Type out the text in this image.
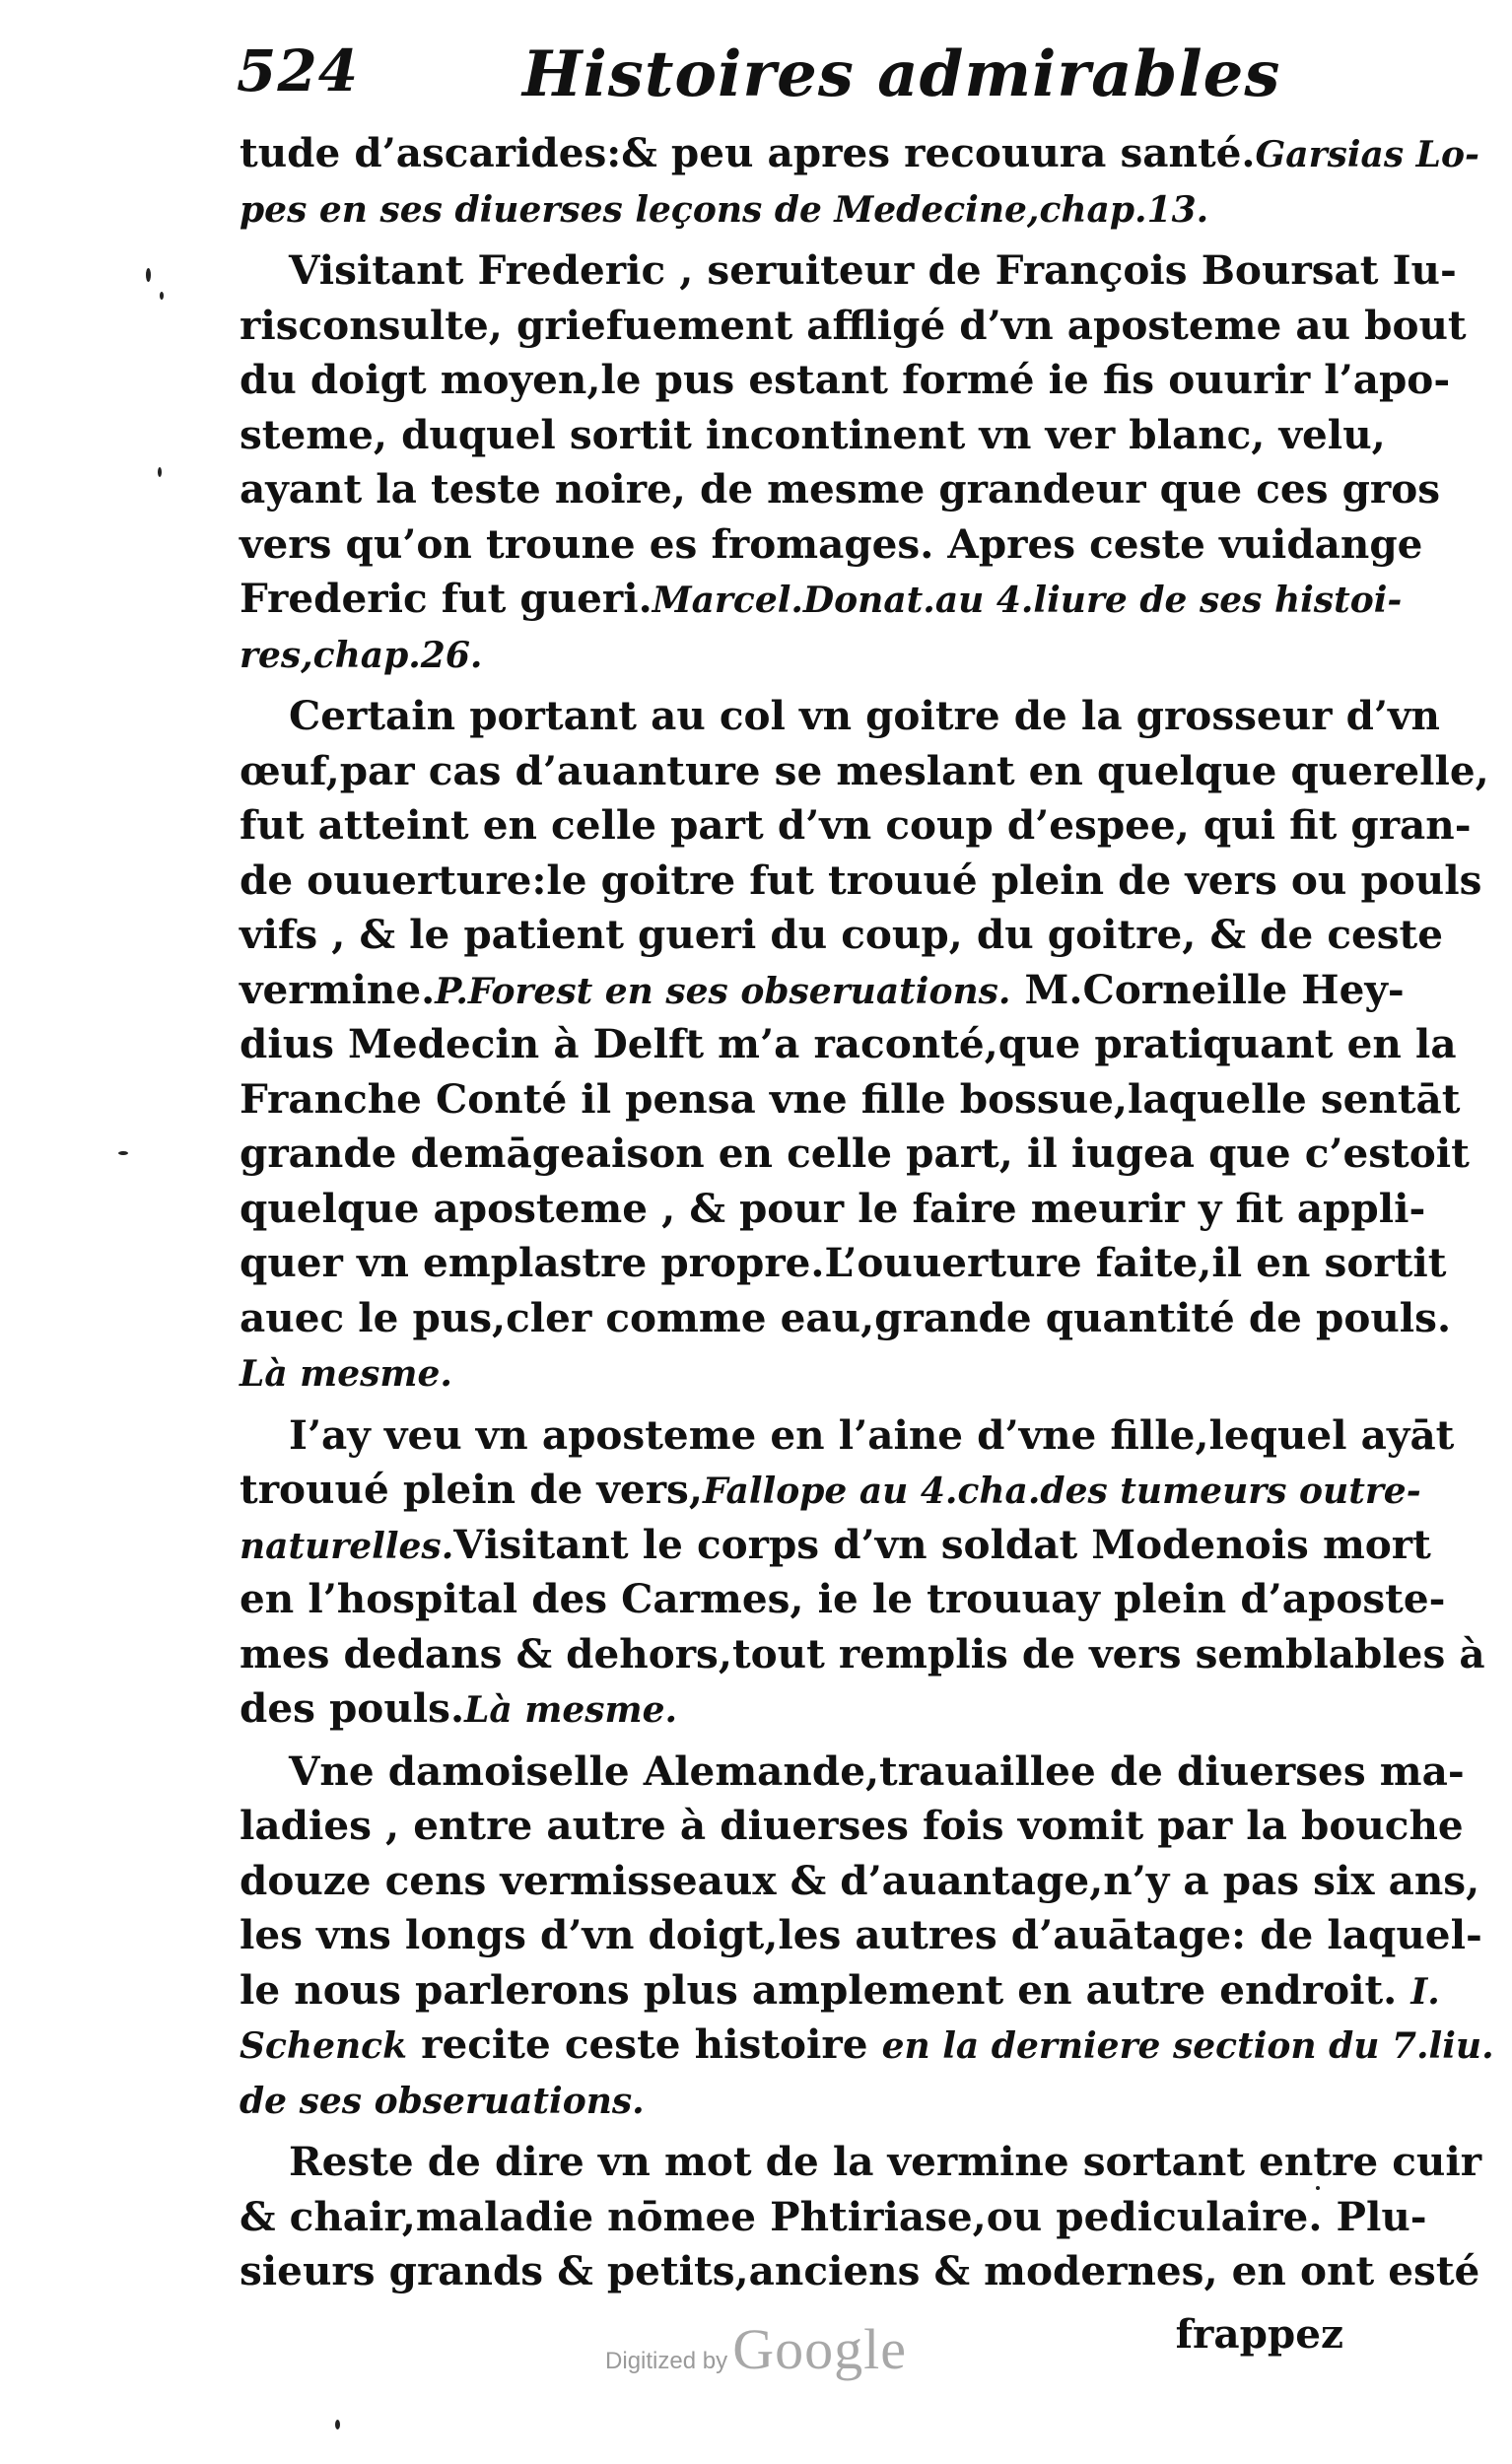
524	Histoires admirables
tude d’ascarides:& peu apres recouura santé.Garsias Lo-
pes en ses diuerses leçons de Medecine,chap.13.
Visitant Frederic , seruiteur de François Boursat Iu-
risconsulte, griefuement affligé d’vn aposteme au bout
du doigt moyen,le pus estant formé ie fis ouurir l’apo-
steme, duquel sortit incontinent vn ver blanc, velu,
ayant la teste noire, de mesme grandeur que ces gros
vers qu’on troune es fromages. Apres ceste vuidange
Frederic fut gueri.Marcel.Donat.au 4.liure de ses histoi-
res,chap.26.
Certain portant au col vn goitre de la grosseur d’vn
œuf,par cas d’auanture se meslant en quelque querelle,
fut atteint en celle part d’vn coup d’espee, qui fit gran-
de ouuerture:le goitre fut trouué plein de vers ou pouls
vifs , & le patient gueri du coup, du goitre, & de ceste
vermine.P.Forest en ses obseruations. M.Corneille Hey-
dius Medecin à Delft m’a raconté,que pratiquant en la
Franche Conté il pensa vne fille bossue,laquelle sentāt
grande demāgeaison en celle part, il iugea que c’estoit
quelque aposteme , & pour le faire meurir y fit appli-
quer vn emplastre propre.L’ouuerture faite,il en sortit
auec le pus,cler comme eau,grande quantité de pouls.
Là mesme.
I’ay veu vn aposteme en l’aine d’vne fille,lequel ayāt
trouué plein de vers,Fallope au 4.cha.des tumeurs outre-
naturelles.Visitant le corps d’vn soldat Modenois mort
en l’hospital des Carmes, ie le trouuay plein d’aposte-
mes dedans & dehors,tout remplis de vers semblables à
des pouls.Là mesme.
Vne damoiselle Alemande,trauaillee de diuerses ma-
ladies , entre autre à diuerses fois vomit par la bouche
douze cens vermisseaux & d’auantage,n’y a pas six ans,
les vns longs d’vn doigt,les autres d’auātage: de laquel-
le nous parlerons plus amplement en autre endroit. I.
Schenck recite ceste histoire en la derniere section du 7.liu.
de ses obseruations.
Reste de dire vn mot de la vermine sortant entre cuir
& chair,maladie nōmee Phtiriase,ou pediculaire. Plu-
sieurs grands & petits,anciens & modernes, en ont esté
frappez
Digitized by Google
